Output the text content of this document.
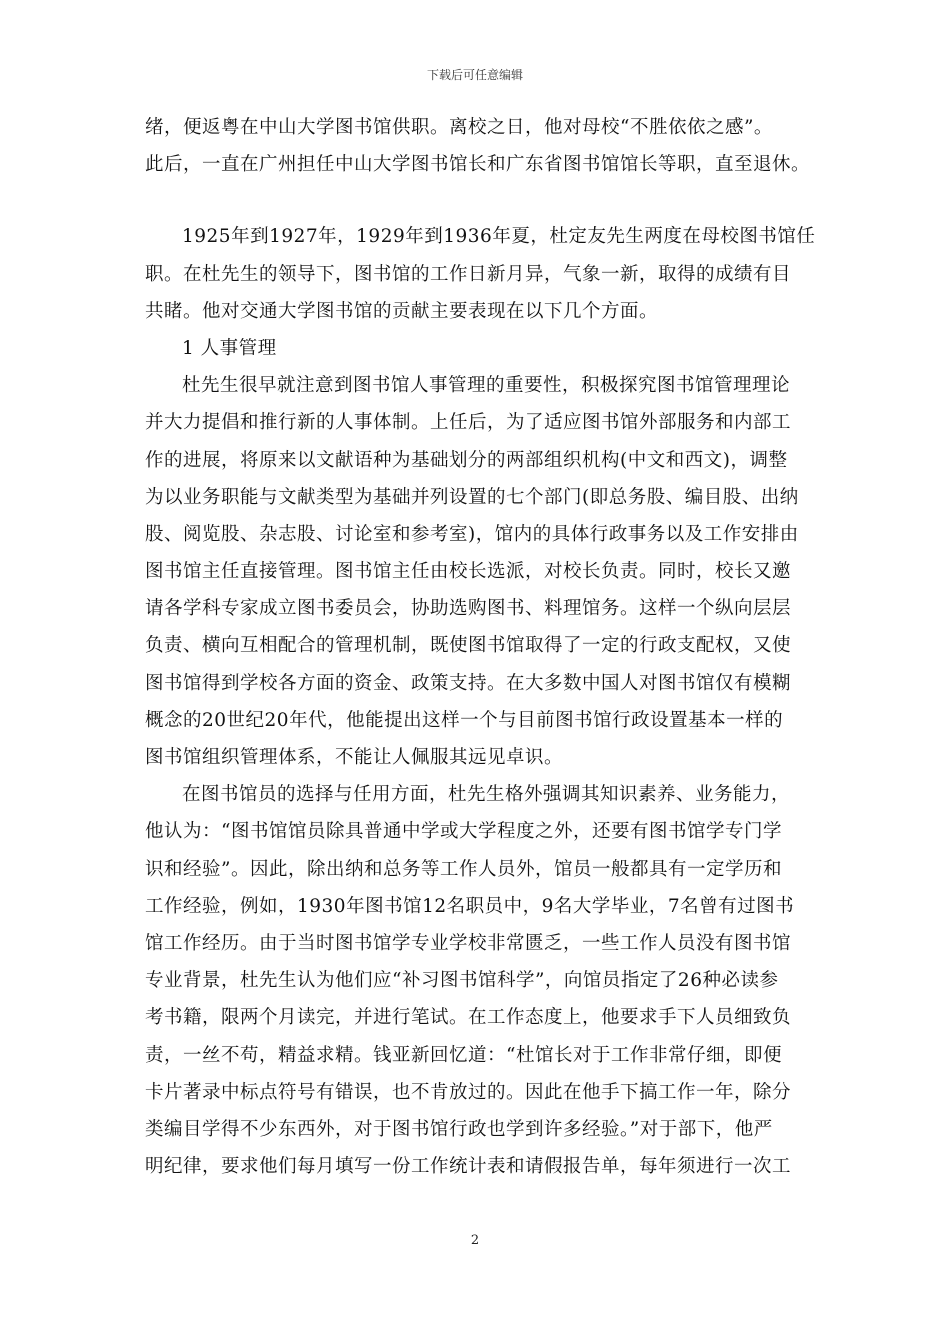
下载后可任意编辑
绪，便返粤在中山大学图书馆供职。离校之日，他对母校“不胜依依之感”。
此后，一直在广州担任中山大学图书馆长和广东省图书馆馆长等职，直至退休。
1925年到1927年，1929年到1936年夏，杜定友先生两度在母校图书馆任
职。在杜先生的领导下，图书馆的工作日新月异，气象一新，取得的成绩有目
共睹。他对交通大学图书馆的贡献主要表现在以下几个方面。
1 人事管理
杜先生很早就注意到图书馆人事管理的重要性，积极探究图书馆管理理论
并大力提倡和推行新的人事体制。上任后，为了适应图书馆外部服务和内部工
作的进展，将原来以文献语种为基础划分的两部组织机构(中文和西文)，调整
为以业务职能与文献类型为基础并列设置的七个部门(即总务股、编目股、出纳
股、阅览股、杂志股、讨论室和参考室)，馆内的具体行政事务以及工作安排由
图书馆主任直接管理。图书馆主任由校长选派，对校长负责。同时，校长又邀
请各学科专家成立图书委员会，协助选购图书、料理馆务。这样一个纵向层层
负责、横向互相配合的管理机制，既使图书馆取得了一定的行政支配权，又使
图书馆得到学校各方面的资金、政策支持。在大多数中国人对图书馆仅有模糊
概念的20世纪20年代，他能提出这样一个与目前图书馆行政设置基本一样的
图书馆组织管理体系，不能让人佩服其远见卓识。
在图书馆员的选择与任用方面，杜先生格外强调其知识素养、业务能力，
他认为：“图书馆馆员除具普通中学或大学程度之外，还要有图书馆学专门学
识和经验”。因此，除出纳和总务等工作人员外，馆员一般都具有一定学历和
工作经验，例如，1930年图书馆12名职员中，9名大学毕业，7名曾有过图书
馆工作经历。由于当时图书馆学专业学校非常匮乏，一些工作人员没有图书馆
专业背景，杜先生认为他们应“补习图书馆科学”，向馆员指定了26种必读参
考书籍，限两个月读完，并进行笔试。在工作态度上，他要求手下人员细致负
责，一丝不苟，精益求精。钱亚新回忆道：“杜馆长对于工作非常仔细，即便
卡片著录中标点符号有错误，也不肯放过的。因此在他手下搞工作一年，除分
类编目学得不少东西外，对于图书馆行政也学到许多经验。”对于部下，他严
明纪律，要求他们每月填写一份工作统计表和请假报告单，每年须进行一次工
2
